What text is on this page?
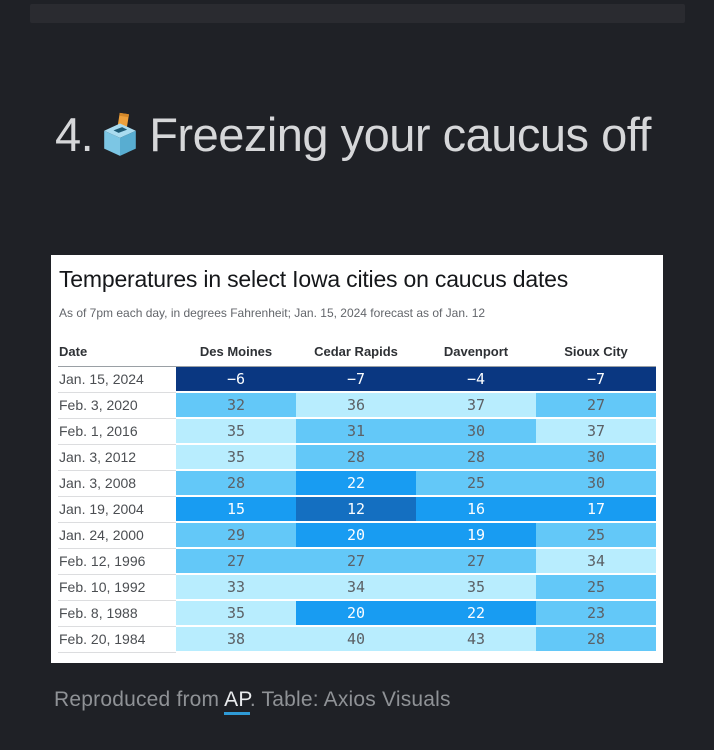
4. Freezing your caucus off
Temperatures in select Iowa cities on caucus dates
As of 7pm each day, in degrees Fahrenheit; Jan. 15, 2024 forecast as of Jan. 12
Date	Des Moines	Cedar Rapids	Davenport	Sioux City
Jan. 15, 2024	−6	−7	−4	−7
Feb. 3, 2020	32	36	37	27
Feb. 1, 2016	35	31	30	37
Jan. 3, 2012	35	28	28	30
Jan. 3, 2008	28	22	25	30
Jan. 19, 2004	15	12	16	17
Jan. 24, 2000	29	20	19	25
Feb. 12, 1996	27	27	27	34
Feb. 10, 1992	33	34	35	25
Feb. 8, 1988	35	20	22	23
Feb. 20, 1984	38	40	43	28
Reproduced from AP. Table: Axios Visuals
